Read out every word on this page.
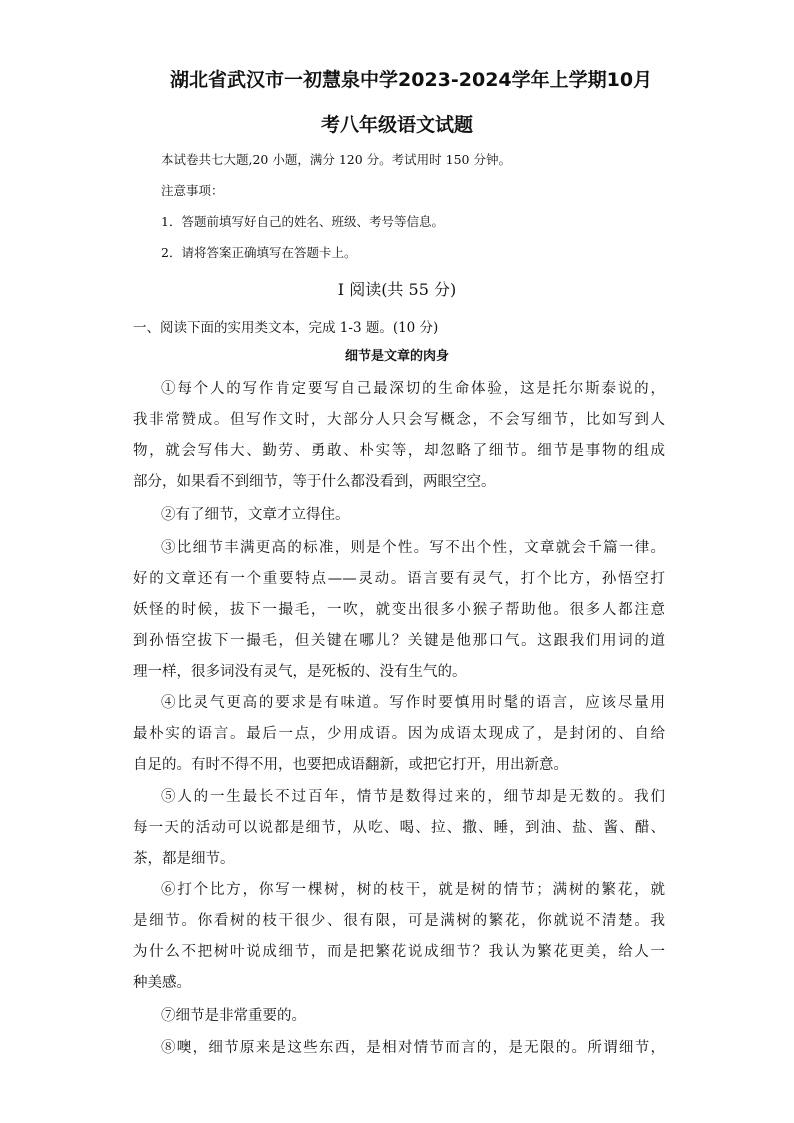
湖北省武汉市一初慧泉中学2023-2024学年上学期10月
考八年级语文试题
本试卷共七大题,20 小题，满分 120 分。考试用时 150 分钟。
注意事项：
1．答题前填写好自己的姓名、班级、考号等信息。
2．请将答案正确填写在答题卡上。
I 阅读(共 55 分)
一、阅读下面的实用类文本，完成 1-3 题。(10 分)
细节是文章的肉身
①每个人的写作肯定要写自己最深切的生命体验，这是托尔斯泰说的，
我非常赞成。但写作文时，大部分人只会写概念，不会写细节，比如写到人
物，就会写伟大、勤劳、勇敢、朴实等，却忽略了细节。细节是事物的组成
部分，如果看不到细节，等于什么都没看到，两眼空空。
②有了细节，文章才立得住。
③比细节丰满更高的标准，则是个性。写不出个性，文章就会千篇一律。
好的文章还有一个重要特点——灵动。语言要有灵气，打个比方，孙悟空打
妖怪的时候，拔下一撮毛，一吹，就变出很多小猴子帮助他。很多人都注意
到孙悟空拔下一撮毛，但关键在哪儿？关键是他那口气。这跟我们用词的道
理一样，很多词没有灵气，是死板的、没有生气的。
④比灵气更高的要求是有味道。写作时要慎用时髦的语言，应该尽量用
最朴实的语言。最后一点，少用成语。因为成语太现成了，是封闭的、自给
自足的。有时不得不用，也要把成语翻新，或把它打开，用出新意。
⑤人的一生最长不过百年，情节是数得过来的，细节却是无数的。我们
每一天的活动可以说都是细节，从吃、喝、拉、撒、睡，到油、盐、酱、醋、
茶，都是细节。
⑥打个比方，你写一棵树，树的枝干，就是树的情节；满树的繁花，就
是细节。你看树的枝干很少、很有限，可是满树的繁花，你就说不清楚。我
为什么不把树叶说成细节，而是把繁花说成细节？我认为繁花更美，给人一
种美感。
⑦细节是非常重要的。
⑧噢，细节原来是这些东西，是相对情节而言的，是无限的。所谓细节，
